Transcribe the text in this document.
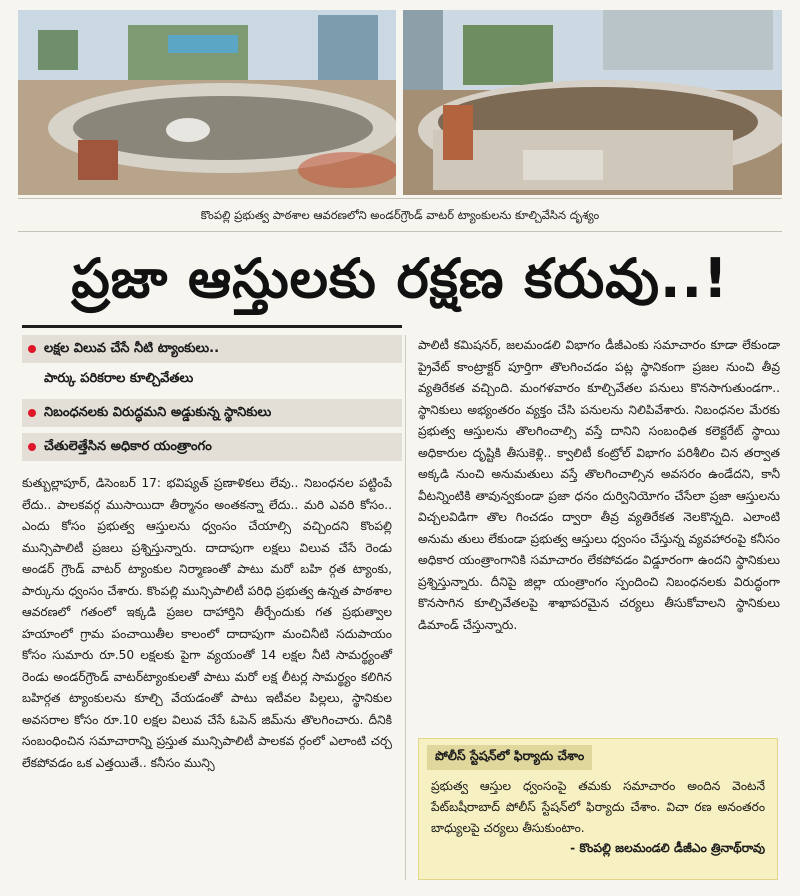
కొంపల్లి ప్రభుత్వ పాఠశాల ఆవరణలోని అండర్‌గ్రౌండ్ వాటర్ ట్యాంకులను కూల్చివేసిన దృశ్యం
ప్రజా ఆస్తులకు రక్షణ కరువు..!
లక్షల విలువ చేసే నీటి ట్యాంకులు..
పార్కు పరికరాల కూల్చివేతలు
నిబంధనలకు విరుద్ధమని అడ్డుకున్న స్థానికులు
చేతులెత్తేసిన అధికార యంత్రాంగం
కుత్బుల్లాపూర్, డిసెంబర్ 17: భవిష్యత్ ప్రణాళికలు లేవు.. నిబంధనల పట్టింపే లేదు.. పాలకవర్గ ముసాయిదా తీర్మానం అంతకన్నా లేదు.. మరి ఎవరి కోసం.. ఎందు కోసం ప్రభుత్వ ఆస్తులను ధ్వంసం చేయాల్సి వచ్చిందని కొంపల్లి మున్సిపాలిటీ ప్రజలు ప్రశ్నిస్తున్నారు. దాదాపుగా లక్షలు విలువ చేసే రెండు అండర్ గ్రౌండ్ వాటర్ ట్యాంకుల నిర్మాణంతో పాటు మరో బహి ర్గత ట్యాంకు, పార్కును ధ్వంసం చేశారు. కొంపల్లి మున్సిపాలిటీ పరిధి ప్రభుత్వ ఉన్నత పాఠశాల ఆవరణలో గతంలో ఇక్కడి ప్రజల దాహార్తిని తీర్చేందుకు గత ప్రభుత్వాల హయాంలో గ్రామ పంచాయితీల కాలంలో దాదాపుగా మంచినీటి సదుపాయం కోసం సుమారు రూ.50 లక్షలకు పైగా వ్యయంతో 14 లక్షల నీటి సామర్థ్యంతో రెండు అండర్‌గ్రౌండ్ వాటర్‌ట్యాంకులతో పాటు మరో లక్ష లీటర్ల సామర్థ్యం కలిగిన బహిర్గత ట్యాంకులను కూల్చి వేయడంతో పాటు ఇటీవల పిల్లలు, స్థానికుల అవసరాల కోసం రూ.10 లక్షల విలువ చేసే ఓపెన్ జిమ్‌ను తొలగించారు. దీనికి సంబంధించిన సమాచారాన్ని ప్రస్తుత మున్సిపాలిటీ పాలకవ ర్గంలో ఎలాంటి చర్చ లేకపోవడం ఒక ఎత్తయితే.. కనీసం మున్సి
పాలిటీ కమిషనర్, జలమండలి విభాగం డీజీఎంకు సమాచారం కూడా లేకుండా ప్రైవేట్ కాంట్రాక్టర్ పూర్తిగా తొలగించడం పట్ల స్థానికంగా ప్రజల నుంచి తీవ్ర వ్యతిరేకత వచ్చింది. మంగళవారం కూల్చివేతల పనులు కొనసాగుతుండగా.. స్థానికులు అభ్యంతరం వ్యక్తం చేసి పనులను నిలిపివేశారు. నిబంధనల మేరకు ప్రభుత్వ ఆస్తులను తొలగించాల్సి వస్తే దానిని సంబంధిత కలెక్టరేట్ స్థాయి అధికారుల దృష్టికి తీసుకెళ్లి.. క్వాలిటీ కంట్రోల్ విభాగం పరిశీలిం చిన తర్వాత అక్కడి నుంచి అనుమతులు వస్తే తొలగించాల్సిన అవసరం ఉండేదని, కానీ వీటన్నింటికి తావున్వకుండా ప్రజా ధనం దుర్వినియోగం చేసేలా ప్రజా ఆస్తులను విచ్చలవిడిగా తొల గించడం ద్వారా తీవ్ర వ్యతిరేకత నెలకొన్నది. ఎలాంటి అనుమ తులు లేకుండా ప్రభుత్వ ఆస్తులు ధ్వంసం చేస్తున్న వ్యవహారంపై కనీసం అధికార యంత్రాంగానికి సమాచారం లేకపోవడం విడ్డూరంగా ఉందని స్థానికులు ప్రశ్నిస్తున్నారు. దీనిపై జిల్లా యంత్రాంగం స్పందించి నిబంధనలకు విరుద్ధంగా కొనసాగిన కూల్చివేతలపై శాఖాపరమైన చర్యలు తీసుకోవాలని స్థానికులు డిమాండ్ చేస్తున్నారు.
పోలీస్ స్టేషన్‌లో ఫిర్యాదు చేశాం
ప్రభుత్వ ఆస్తుల ధ్వంసంపై తమకు సమాచారం అందిన వెంటనే పేట్‌బషీరాబాద్ పోలీస్ స్టేషన్‌లో ఫిర్యాదు చేశాం. విచా రణ అనంతరం బాధ్యులపై చర్యలు తీసుకుంటాం.
- కొంపల్లి జలమండలి డీజీఎం త్రినాథ్‌రావు
